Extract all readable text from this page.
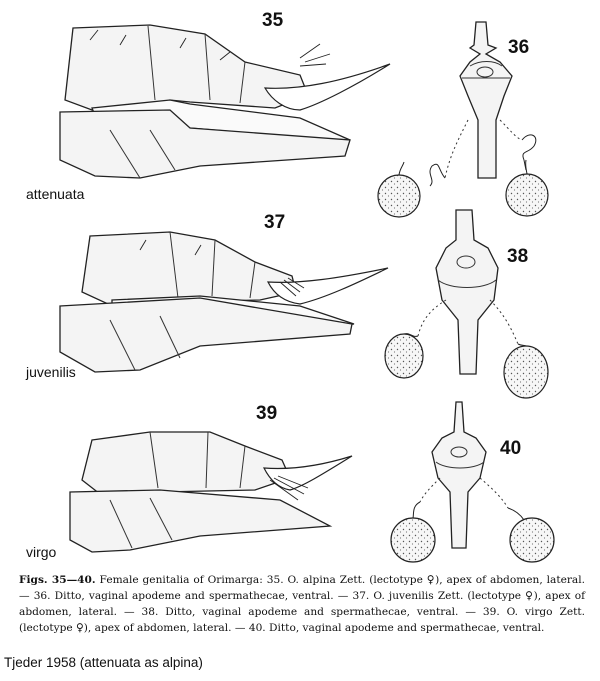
35
36
37
38
39
40
attenuata
juvenilis
virgo
Figs. 35—40. Female genitalia of Orimarga: 35. O. alpina Zett. (lectotype ♀), apex of abdomen, lateral. — 36. Ditto, vaginal apodeme and spermathecae, ventral. — 37. O. juvenilis Zett. (lectotype ♀), apex of abdomen, lateral. — 38. Ditto, vaginal apodeme and spermathecae, ventral. — 39. O. virgo Zett. (lectotype ♀), apex of abdomen, lateral. — 40. Ditto, vaginal apodeme and spermathecae, ventral.
Tjeder 1958 (attenuata as alpina)
